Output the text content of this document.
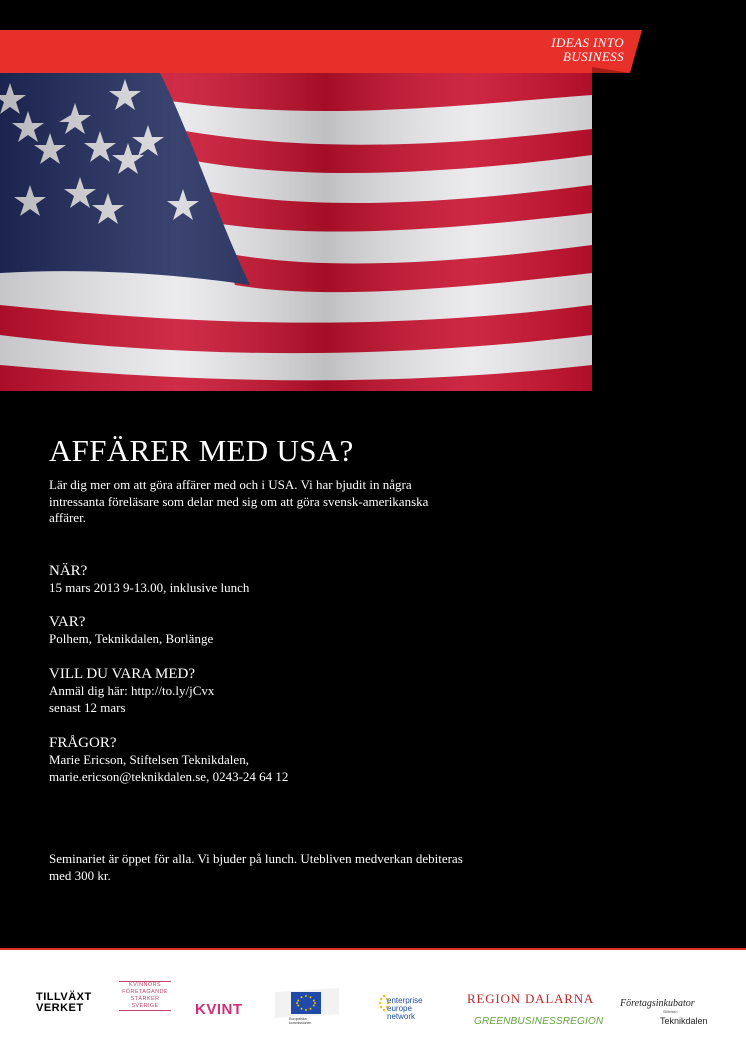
IDEAS INTO
BUSINESS
AFFÄRER MED USA?
Lär dig mer om att göra affärer med och i USA. Vi har bjudit in några
intressanta föreläsare som delar med sig om att göra svensk-amerikanska
affärer.
NÄR?
15 mars 2013 9-13.00, inklusive lunch
VAR?
Polhem, Teknikdalen, Borlänge
VILL DU VARA MED?
Anmäl dig här: http://to.ly/jCvx
senast 12 mars
FRÅGOR?
Marie Ericson, Stiftelsen Teknikdalen,
marie.ericson@teknikdalen.se, 0243-24 64 12
Seminariet är öppet för alla. Vi bjuder på lunch. Utebliven medverkan debiteras
med 300 kr.
TILLVÄXT
VERKET
KVINNORS
FÖRETAGANDE
STÄRKER
SVERIGE	KVINT
Europeiska kommissionen
enterprise
europe
network
REGION DALARNA
GREENBUSINESSREGION
Företagsinkubator
Stiftelsen
Teknikdalen
